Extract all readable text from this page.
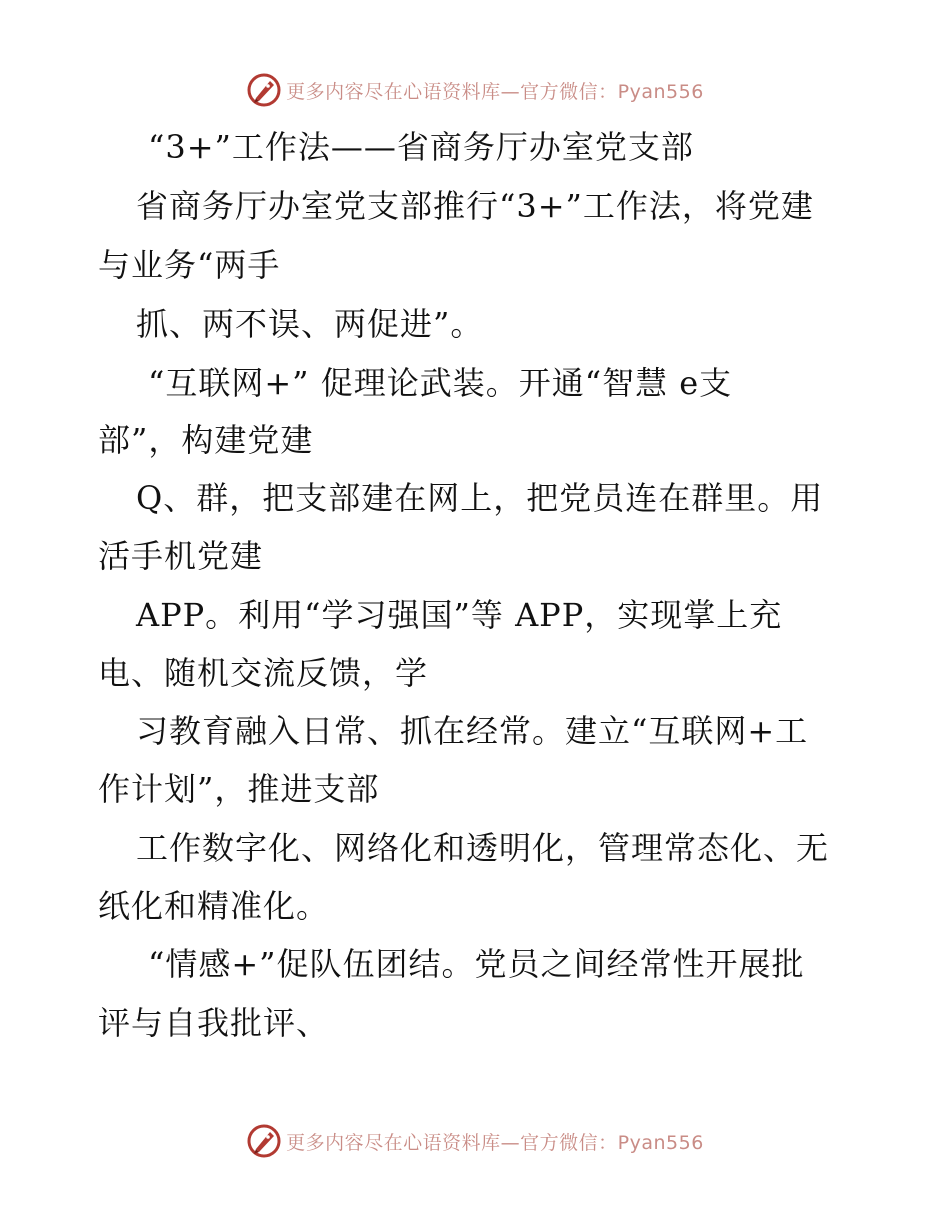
更多内容尽在心语资料库—官方微信：Pyan556

“3+”工作法——省商务厅办室党支部

省商务厅办室党支部推行“3+”工作法，将党建

与业务“两手

抓、两不误、两促进”。

“互联网+” 促理论武装。开通“智慧 e支

部”，构建党建

Q、群，把支部建在网上，把党员连在群里。用

活手机党建

APP。利用“学习强国”等 APP，实现掌上充

电、随机交流反馈，学

习教育融入日常、抓在经常。建立“互联网+工

作计划”，推进支部

工作数字化、网络化和透明化，管理常态化、无

纸化和精准化。

“情感+”促队伍团结。党员之间经常性开展批

评与自我批评、

更多内容尽在心语资料库—官方微信：Pyan556
